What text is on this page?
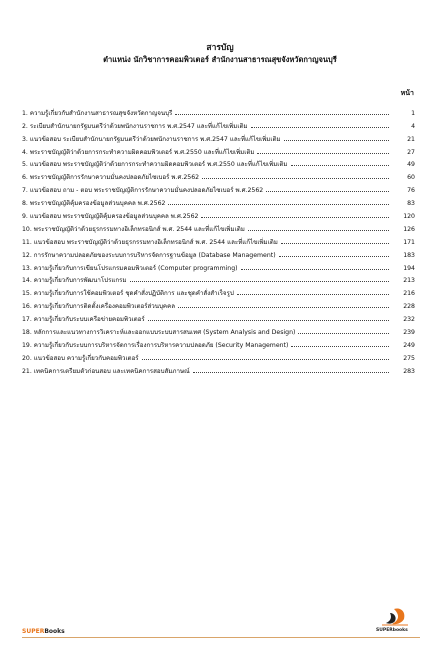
สารบัญ
ตำแหน่ง นักวิชาการคอมพิวเตอร์ สำนักงานสาธารณสุขจังหวัดกาญจนบุรี
หน้า
1. ความรู้เกี่ยวกับสำนักงานสาธารณสุขจังหวัดกาญจนบุรี	1
2. ระเบียบสำนักนายกรัฐมนตรีว่าด้วยพนักงานราชการ พ.ศ.2547 และที่แก้ไขเพิ่มเติม	4
3. แนวข้อสอบ ระเบียบสำนักนายกรัฐมนตรีว่าด้วยพนักงานราชการ พ.ศ.2547 และที่แก้ไขเพิ่มเติม	21
4. พระราชบัญญัติว่าด้วยการกระทำความผิดคอมพิวเตอร์ พ.ศ.2550 และที่แก้ไขเพิ่มเติม	27
5. แนวข้อสอบ พระราชบัญญัติว่าด้วยการกระทำความผิดคอมพิวเตอร์ พ.ศ.2550 และที่แก้ไขเพิ่มเติม	49
6. พระราชบัญญัติการรักษาความมั่นคงปลอดภัยไซเบอร์ พ.ศ.2562	60
7. แนวข้อสอบ ถาม - ตอบ พระราชบัญญัติการรักษาความมั่นคงปลอดภัยไซเบอร์ พ.ศ.2562	76
8. พระราชบัญญัติคุ้มครองข้อมูลส่วนบุคคล พ.ศ.2562	83
9. แนวข้อสอบ พระราชบัญญัติคุ้มครองข้อมูลส่วนบุคคล พ.ศ.2562	120
10. พระราชบัญญัติว่าด้วยธุรกรรมทางอิเล็กทรอนิกส์ พ.ศ. 2544 และที่แก้ไขเพิ่มเติม	126
11. แนวข้อสอบ พระราชบัญญัติว่าด้วยธุรกรรมทางอิเล็กทรอนิกส์ พ.ศ. 2544 และที่แก้ไขเพิ่มเติม	171
12. การรักษาความปลอดภัยของระบบการบริหารจัดการฐานข้อมูล (Database Management)	183
13. ความรู้เกี่ยวกับการเขียนโปรแกรมคอมพิวเตอร์ (Computer programming)	194
14. ความรู้เกี่ยวกับการพัฒนาโปรแกรม	213
15. ความรู้เกี่ยวกับการใช้คอมพิวเตอร์ ชุดคำสั่งปฏิบัติการ และชุดคำสั่งสำเร็จรูป	216
16. ความรู้เกี่ยวกับการติดตั้งเครื่องคอมพิวเตอร์ส่วนบุคคล	228
17. ความรู้เกี่ยวกับระบบเครือข่ายคอมพิวเตอร์	232
18. หลักการและแนวทางการวิเคราะห์และออกแบบระบบสารสนเทศ (System Analysis and Design)	239
19. ความรู้เกี่ยวกับระบบการบริหารจัดการเรื่องการบริหารความปลอดภัย (Security Management)	249
20. แนวข้อสอบ ความรู้เกี่ยวกับคอมพิวเตอร์	275
21. เทคนิคการเตรียมตัวก่อนสอบ และเทคนิคการสอบสัมภาษณ์	283
SUPERBooks	SUPERbooks
